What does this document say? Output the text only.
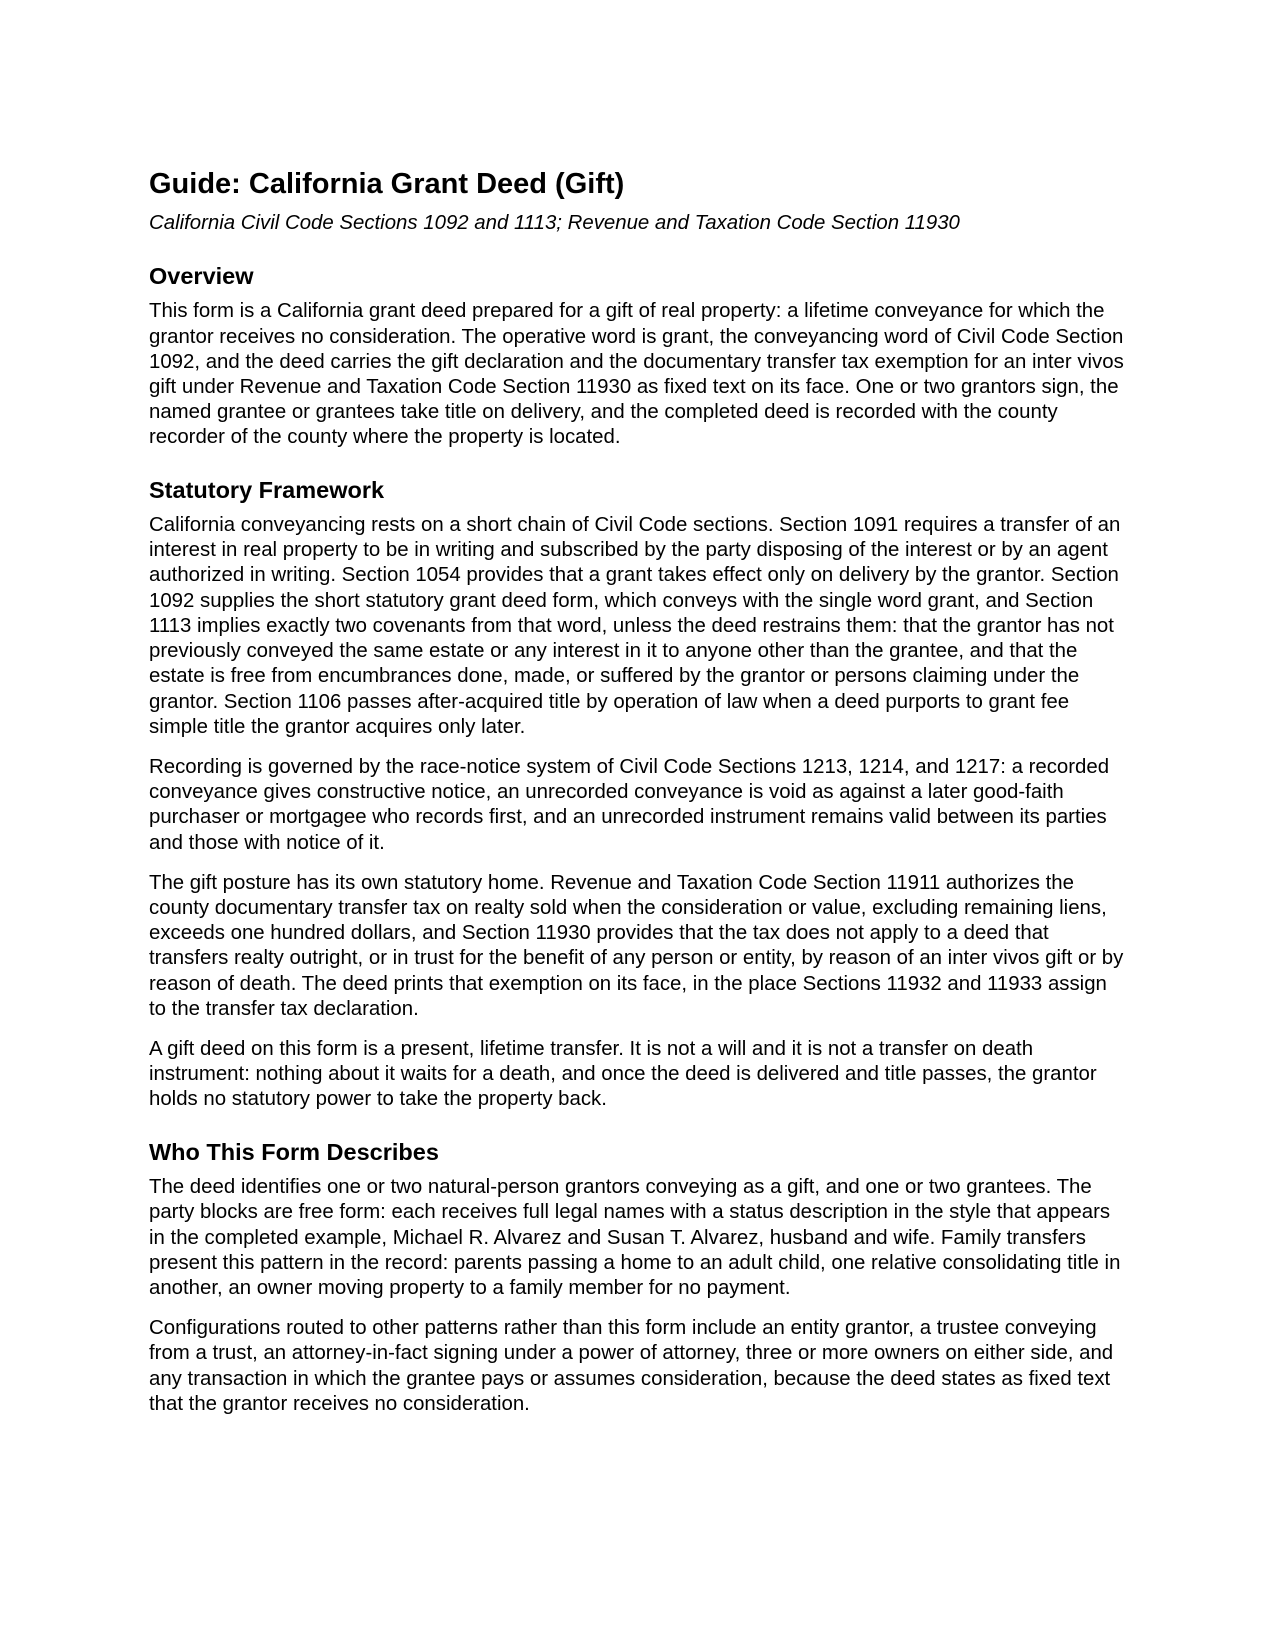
Guide: California Grant Deed (Gift)
California Civil Code Sections 1092 and 1113; Revenue and Taxation Code Section 11930
Overview

This form is a California grant deed prepared for a gift of real property: a lifetime conveyance for which the grantor receives no consideration. The operative word is grant, the conveyancing word of Civil Code Section 1092, and the deed carries the gift declaration and the documentary transfer tax exemption for an inter vivos gift under Revenue and Taxation Code Section 11930 as fixed text on its face. One or two grantors sign, the named grantee or grantees take title on delivery, and the completed deed is recorded with the county recorder of the county where the property is located.

Statutory Framework

California conveyancing rests on a short chain of Civil Code sections. Section 1091 requires a transfer of an interest in real property to be in writing and subscribed by the party disposing of the interest or by an agent authorized in writing. Section 1054 provides that a grant takes effect only on delivery by the grantor. Section 1092 supplies the short statutory grant deed form, which conveys with the single word grant, and Section 1113 implies exactly two covenants from that word, unless the deed restrains them: that the grantor has not previously conveyed the same estate or any interest in it to anyone other than the grantee, and that the estate is free from encumbrances done, made, or suffered by the grantor or persons claiming under the grantor. Section 1106 passes after-acquired title by operation of law when a deed purports to grant fee simple title the grantor acquires only later.

Recording is governed by the race-notice system of Civil Code Sections 1213, 1214, and 1217: a recorded conveyance gives constructive notice, an unrecorded conveyance is void as against a later good-faith purchaser or mortgagee who records first, and an unrecorded instrument remains valid between its parties and those with notice of it.

The gift posture has its own statutory home. Revenue and Taxation Code Section 11911 authorizes the county documentary transfer tax on realty sold when the consideration or value, excluding remaining liens, exceeds one hundred dollars, and Section 11930 provides that the tax does not apply to a deed that transfers realty outright, or in trust for the benefit of any person or entity, by reason of an inter vivos gift or by reason of death. The deed prints that exemption on its face, in the place Sections 11932 and 11933 assign to the transfer tax declaration.

A gift deed on this form is a present, lifetime transfer. It is not a will and it is not a transfer on death instrument: nothing about it waits for a death, and once the deed is delivered and title passes, the grantor holds no statutory power to take the property back.

Who This Form Describes

The deed identifies one or two natural-person grantors conveying as a gift, and one or two grantees. The party blocks are free form: each receives full legal names with a status description in the style that appears in the completed example, Michael R. Alvarez and Susan T. Alvarez, husband and wife. Family transfers present this pattern in the record: parents passing a home to an adult child, one relative consolidating title in another, an owner moving property to a family member for no payment.

Configurations routed to other patterns rather than this form include an entity grantor, a trustee conveying from a trust, an attorney-in-fact signing under a power of attorney, three or more owners on either side, and any transaction in which the grantee pays or assumes consideration, because the deed states as fixed text that the grantor receives no consideration.
